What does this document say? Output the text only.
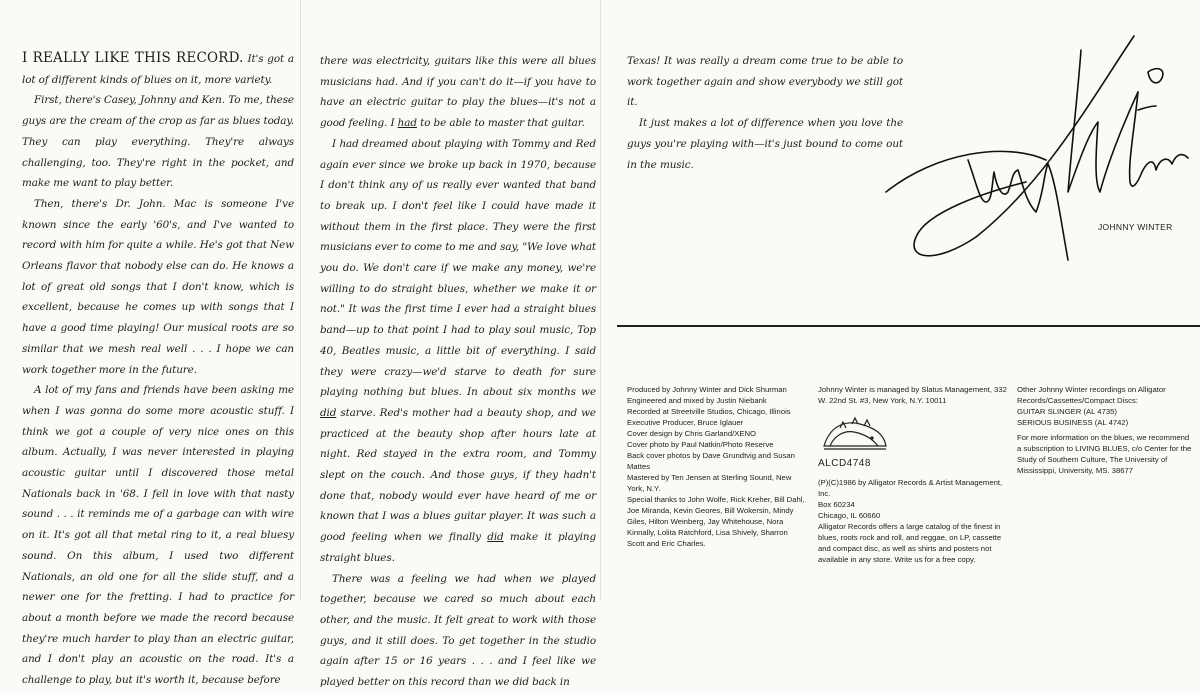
I REALLY LIKE THIS RECORD. It's got a lot of different kinds of blues on it, more variety.

First, there's Casey, Johnny and Ken. To me, these guys are the cream of the crop as far as blues today. They can play everything. They're always challenging, too. They're right in the pocket, and make me want to play better.

Then, there's Dr. John. Mac is someone I've known since the early '60's, and I've wanted to record with him for quite a while. He's got that New Orleans flavor that nobody else can do. He knows a lot of great old songs that I don't know, which is excellent, because he comes up with songs that I have a good time playing! Our musical roots are so similar that we mesh real well . . . I hope we can work together more in the future.

A lot of my fans and friends have been asking me when I was gonna do some more acoustic stuff. I think we got a couple of very nice ones on this album. Actually, I was never interested in playing acoustic guitar until I discovered those metal Nationals back in '68. I fell in love with that nasty sound . . . it reminds me of a garbage can with wire on it. It's got all that metal ring to it, a real bluesy sound. On this album, I used two different Nationals, an old one for all the slide stuff, and a newer one for the fretting. I had to practice for about a month before we made the record because they're much harder to play than an electric guitar, and I don't play an acoustic on the road. It's a challenge to play, but it's worth it, because before

there was electricity, guitars like this were all blues musicians had. And if you can't do it—if you have to have an electric guitar to play the blues—it's not a good feeling. I had to be able to master that guitar.

I had dreamed about playing with Tommy and Red again ever since we broke up back in 1970, because I don't think any of us really ever wanted that band to break up. I don't feel like I could have made it without them in the first place. They were the first musicians ever to come to me and say, "We love what you do. We don't care if we make any money, we're willing to do straight blues, whether we make it or not." It was the first time I ever had a straight blues band—up to that point I had to play soul music, Top 40, Beatles music, a little bit of everything. I said they were crazy—we'd starve to death for sure playing nothing but blues. In about six months we did starve. Red's mother had a beauty shop, and we practiced at the beauty shop after hours late at night. Red stayed in the extra room, and Tommy slept on the couch. And those guys, if they hadn't done that, nobody would ever have heard of me or known that I was a blues guitar player. It was such a good feeling when we finally did make it playing straight blues.

There was a feeling we had when we played together, because we cared so much about each other, and the music. It felt great to work with those guys, and it still does. To get together in the studio again after 15 or 16 years . . . and I feel like we played better on this record than we did back in

Texas! It was really a dream come true to be able to work together again and show everybody we still got it.

It just makes a lot of difference when you love the guys you're playing with—it's just bound to come out in the music.

JOHNNY WINTER
Produced by Johnny Winter and Dick Shurman
Engineered and mixed by Justin Niebank
Recorded at Streetville Studios, Chicago, Illinois
Executive Producer, Bruce Iglauer
Cover design by Chris Garland/XENO
Cover photo by Paul Natkin/Photo Reserve
Back cover photos by Dave Grundtvig and Susan Mattes
Mastered by Ten Jensen at Sterling Sound, New York, N.Y.
Special thanks to John Wolfe, Rick Kreher, Bill Dahl, Joe Miranda, Kevin Geores, Bill Wokersin, Mindy Giles, Hilton Weinberg, Jay Whitehouse, Nora Kinnally, Lolita Ratchford, Lisa Shively, Sharron Scott and Eric Charles.
Johnny Winter is managed by Slatus Management, 332 W. 22nd St. #3, New York, N.Y. 10011
ALCD4748
(P)(C)1986 by Alligator Records & Artist Management, Inc.
Box 60234
Chicago, IL 60660
Alligator Records offers a large catalog of the finest in blues, roots rock and roll, and reggae, on LP, cassette and compact disc, as well as shirts and posters not available in any store. Write us for a free copy.
Other Johnny Winter recordings on Alligator Records/Cassettes/Compact Discs:
GUITAR SLINGER (AL 4735)
SERIOUS BUSINESS (AL 4742)
For more information on the blues, we recommend a subscription to LIVING BLUES, c/o Center for the Study of Southern Culture, The University of Mississippi, University, MS. 38677
